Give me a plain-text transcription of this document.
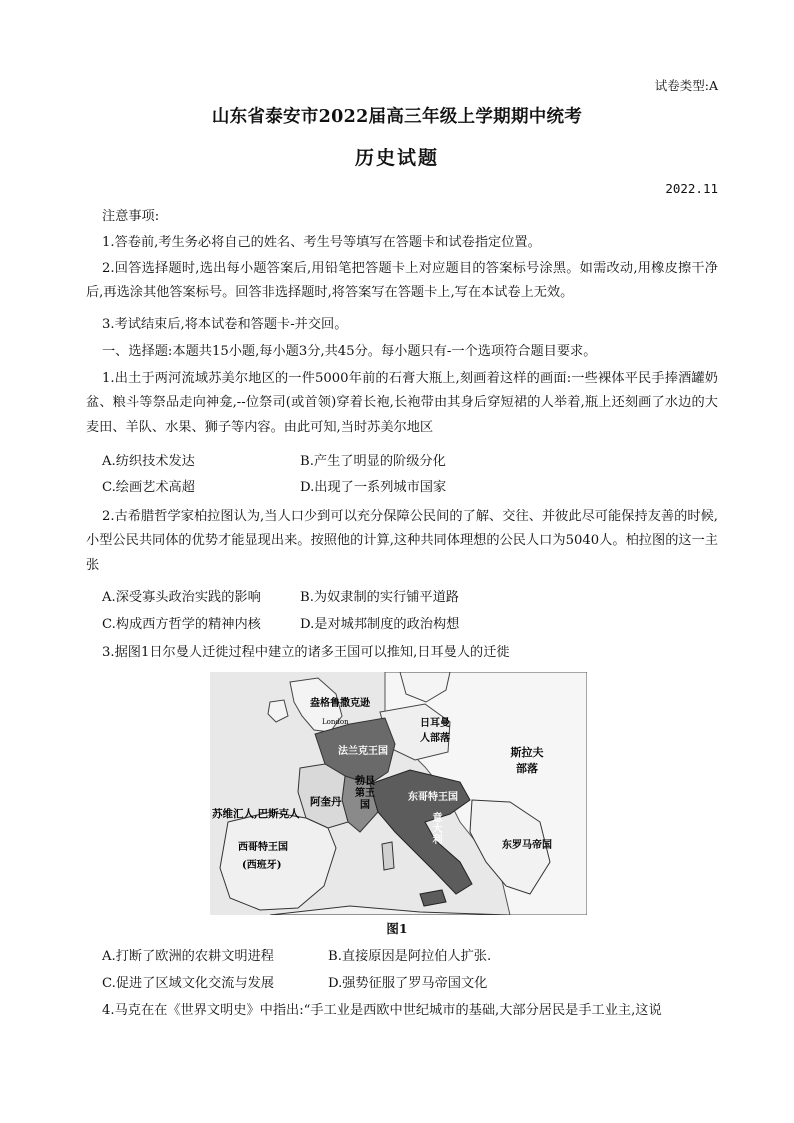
试卷类型:A
山东省泰安市2022届高三年级上学期期中统考
历史试题
2022.11
注意事项:
1.答卷前,考生务必将自己的姓名、考生号等填写在答题卡和试卷指定位置。
2.回答选择题时,选出每小题答案后,用铅笔把答题卡上对应题目的答案标号涂黑。如需改动,用橡皮擦干净后,再选涂其他答案标号。回答非选择题时,将答案写在答题卡上,写在本试卷上无效。
3.考试结束后,将本试卷和答题卡-并交回。
一、选择题:本题共15小题,每小题3分,共45分。每小题只有-一个选项符合题目要求。
1.出土于两河流域苏美尔地区的一件5000年前的石膏大瓶上,刻画着这样的画面:一些裸体平民手捧酒罐奶盆、粮斗等祭品走向神龛,--位祭司(或首领)穿着长袍,长袍带由其身后穿短裙的人举着,瓶上还刻画了水边的大麦田、羊队、水果、狮子等内容。由此可知,当时苏美尔地区
A.纺织技术发达	B.产生了明显的阶级分化
C.绘画艺术高超	D.出现了一系列城市国家
2.古希腊哲学家柏拉图认为,当人口少到可以充分保障公民间的了解、交往、并彼此尽可能保持友善的时候,小型公民共同体的优势才能显现出来。按照他的计算,这种共同体理想的公民人口为5040人。柏拉图的这一主张
A.深受寡头政治实践的影响	B.为奴隶制的实行铺平道路
C.构成西方哲学的精神内核	D.是对城邦制度的政治构想
3.据图1日尔曼人迁徙过程中建立的诸多王国可以推知,日耳曼人的迁徙
盎格鲁撒克逊
London	日耳曼人部落
法兰克王国	斯拉夫部落
勃艮第王国
阿奎丹	东哥特王国
苏维汇人,巴斯克人
西哥特王国
(西班牙)
意大利
东罗马帝国
图1
A.打断了欧洲的农耕文明进程	B.直接原因是阿拉伯人扩张.
C.促进了区域文化交流与发展	D.强势征服了罗马帝国文化
4.马克在在《世界文明史》中指出:“手工业是西欧中世纪城市的基础,大部分居民是手工业主,这说
